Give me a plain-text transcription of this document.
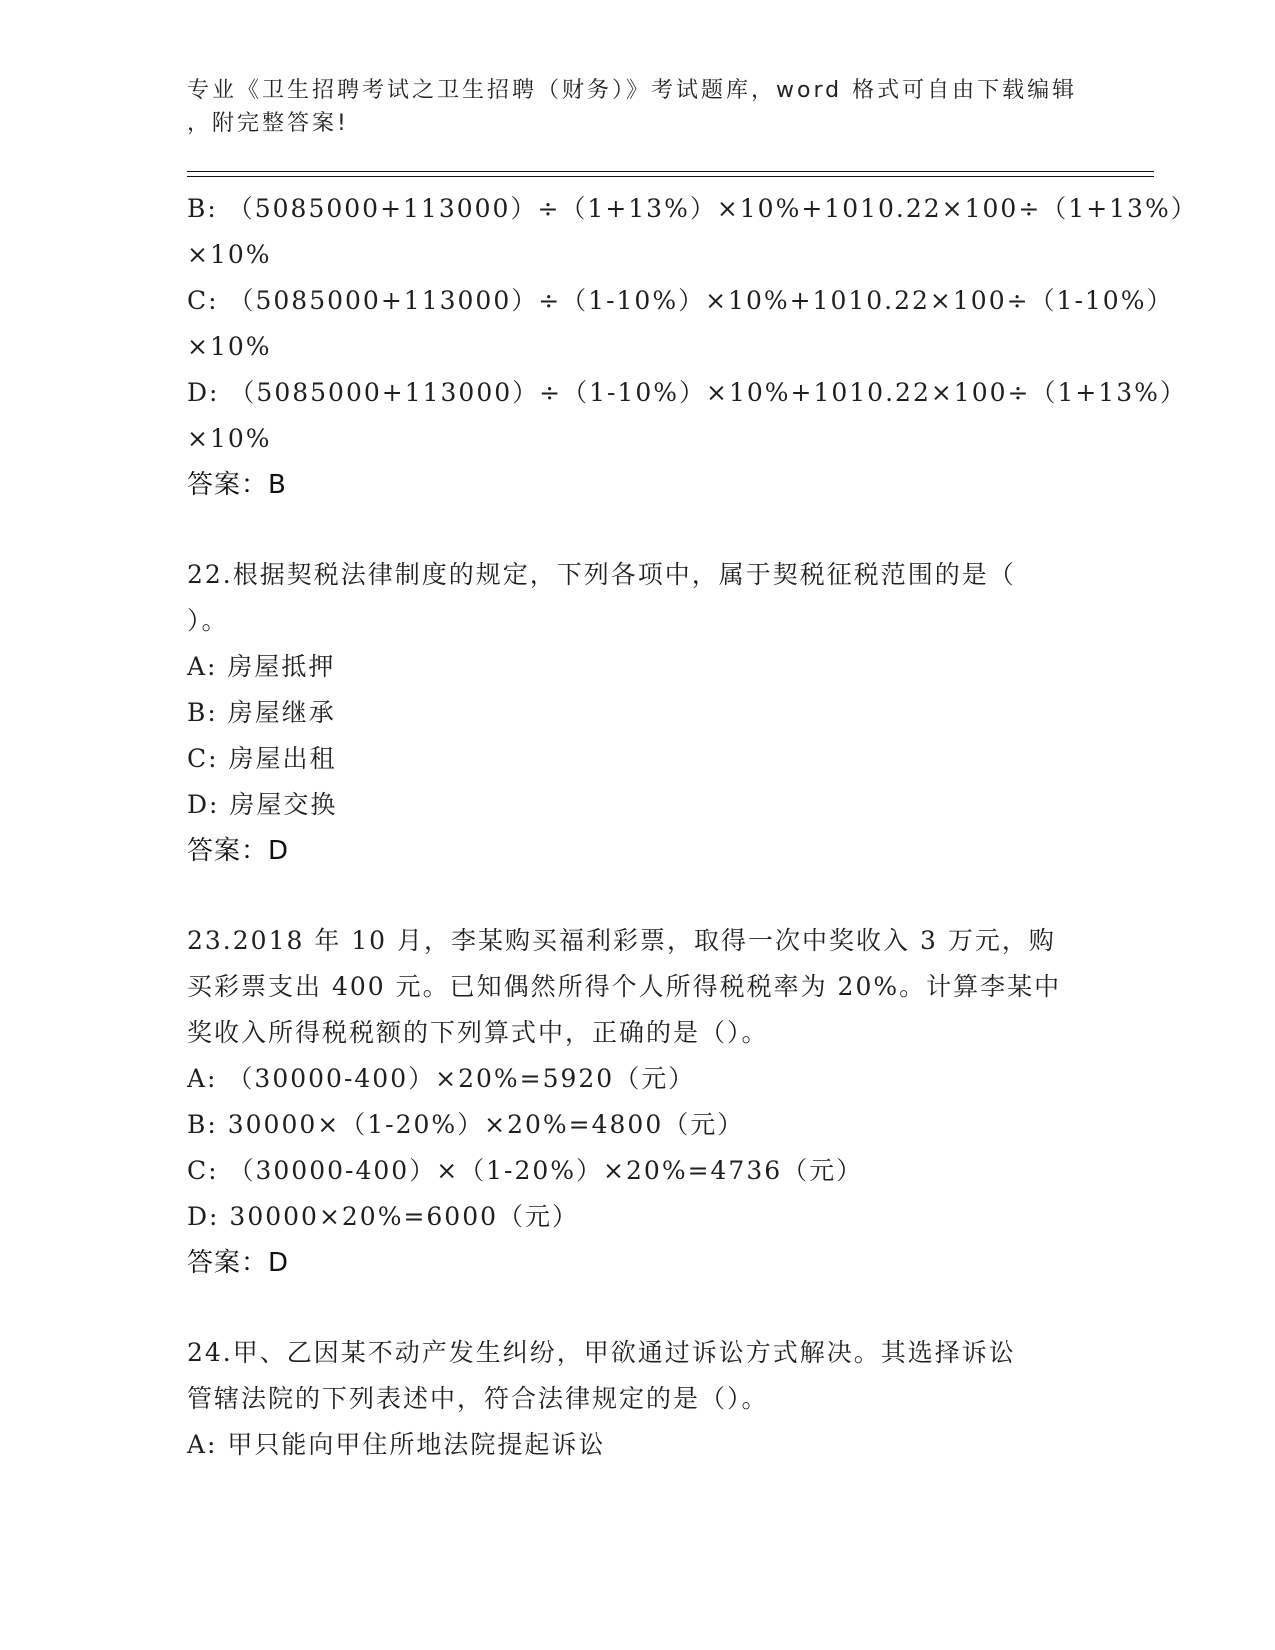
专业《卫生招聘考试之卫生招聘（财务）》考试题库，word 格式可自由下载编辑
，附完整答案!
B: （5085000+113000）÷（1+13%）×10%+1010.22×100÷（1+13%）
×10%
C: （5085000+113000）÷（1-10%）×10%+1010.22×100÷（1-10%）
×10%
D: （5085000+113000）÷（1-10%）×10%+1010.22×100÷（1+13%）
×10%
答案：B
22.根据契税法律制度的规定，下列各项中，属于契税征税范围的是（
）。
A: 房屋抵押
B: 房屋继承
C: 房屋出租
D: 房屋交换
答案：D
23.2018 年 10 月，李某购买福利彩票，取得一次中奖收入 3 万元，购
买彩票支出 400 元。已知偶然所得个人所得税税率为 20%。计算李某中
奖收入所得税税额的下列算式中，正确的是（）。
A: （30000-400）×20%=5920（元）
B: 30000×（1-20%）×20%=4800（元）
C: （30000-400）×（1-20%）×20%=4736（元）
D: 30000×20%=6000（元）
答案：D
24.甲、乙因某不动产发生纠纷，甲欲通过诉讼方式解决。其选择诉讼
管辖法院的下列表述中，符合法律规定的是（）。
A: 甲只能向甲住所地法院提起诉讼
